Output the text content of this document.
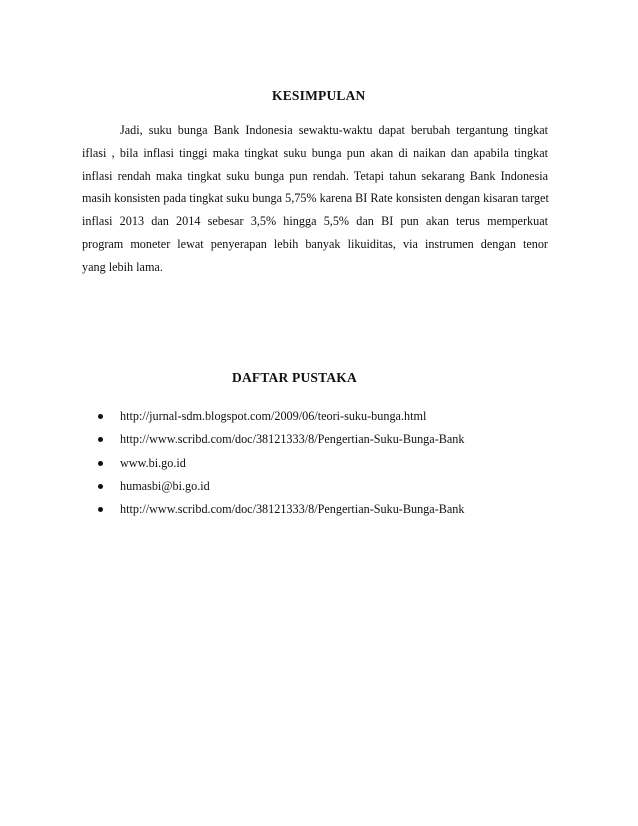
KESIMPULAN
Jadi, suku bunga Bank Indonesia sewaktu-waktu dapat berubah tergantung tingkat
iflasi , bila inflasi tinggi maka tingkat suku bunga pun akan di naikan dan apabila tingkat
inflasi rendah maka tingkat suku bunga pun rendah. Tetapi tahun sekarang Bank Indonesia
masih konsisten pada tingkat suku bunga 5,75% karena BI Rate konsisten dengan kisaran target
inflasi 2013 dan 2014 sebesar 3,5% hingga 5,5% dan BI pun akan terus memperkuat
program moneter lewat penyerapan lebih banyak likuiditas, via instrumen dengan tenor
yang lebih lama.
DAFTAR PUSTAKA
http://jurnal-sdm.blogspot.com/2009/06/teori-suku-bunga.html
http://www.scribd.com/doc/38121333/8/Pengertian-Suku-Bunga-Bank
www.bi.go.id
humasbi@bi.go.id
http://www.scribd.com/doc/38121333/8/Pengertian-Suku-Bunga-Bank
